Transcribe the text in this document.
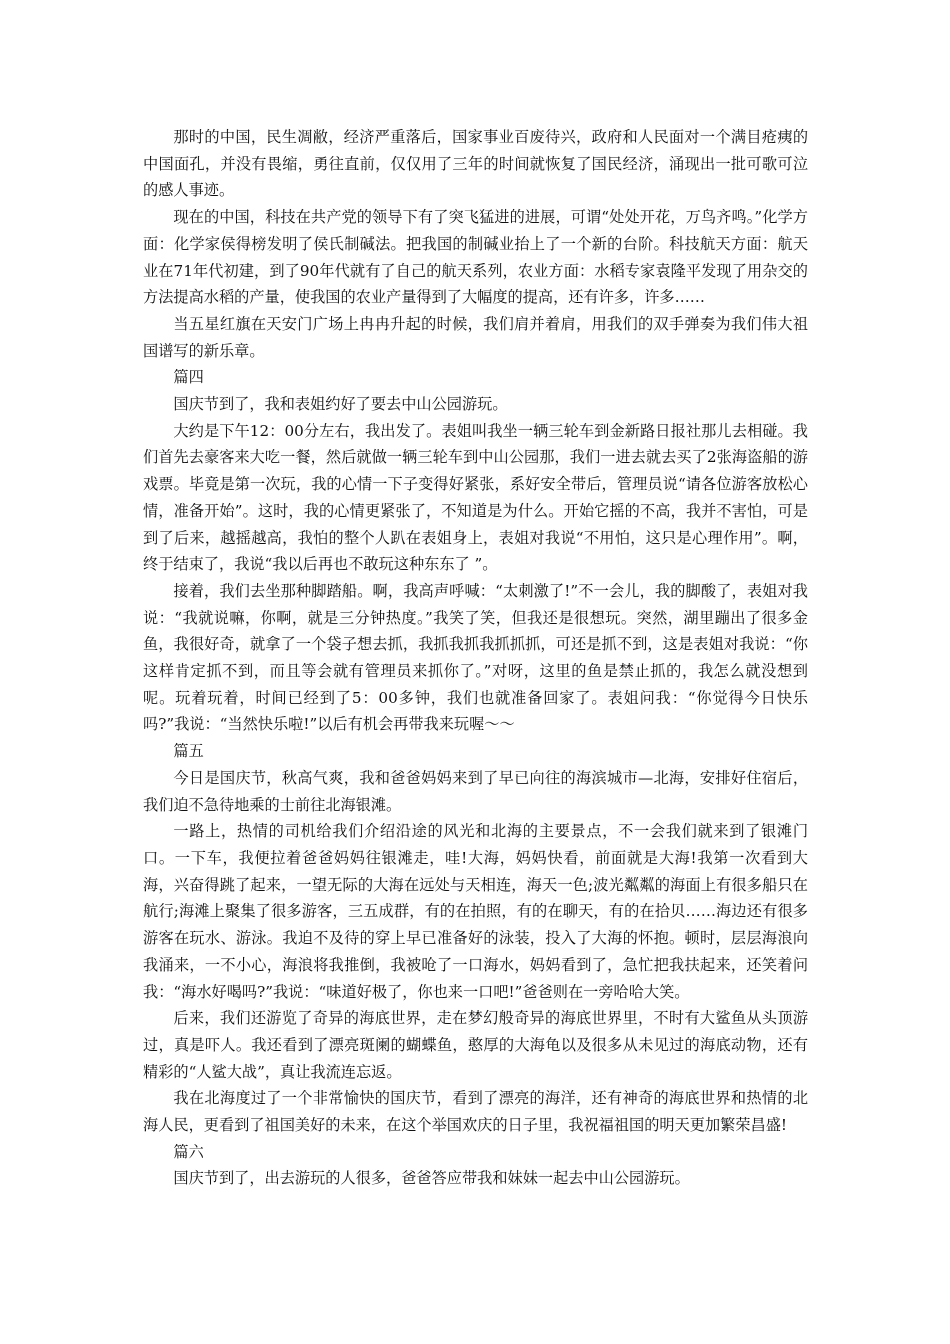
那时的中国，民生凋敝，经济严重落后，国家事业百废待兴，政府和人民面对一个满目疮痍的中国面孔，并没有畏缩，勇往直前，仅仅用了三年的时间就恢复了国民经济，涌现出一批可歌可泣的感人事迹。

现在的中国，科技在共产党的领导下有了突飞猛进的进展，可谓“处处开花，万鸟齐鸣。”化学方面：化学家侯得榜发明了侯氏制碱法。把我国的制碱业抬上了一个新的台阶。科技航天方面：航天业在71年代初建，到了90年代就有了自己的航天系列，农业方面：水稻专家袁隆平发现了用杂交的方法提高水稻的产量，使我国的农业产量得到了大幅度的提高，还有许多，许多……

当五星红旗在天安门广场上冉冉升起的时候，我们肩并着肩，用我们的双手弹奏为我们伟大祖国谱写的新乐章。

篇四

国庆节到了，我和表姐约好了要去中山公园游玩。

大约是下午12：00分左右，我出发了。表姐叫我坐一辆三轮车到金新路日报社那儿去相碰。我们首先去豪客来大吃一餐，然后就做一辆三轮车到中山公园那，我们一进去就去买了2张海盗船的游戏票。毕竟是第一次玩，我的心情一下子变得好紧张，系好安全带后，管理员说“请各位游客放松心情，准备开始”。这时，我的心情更紧张了，不知道是为什么。开始它摇的不高，我并不害怕，可是到了后来，越摇越高，我怕的整个人趴在表姐身上，表姐对我说“不用怕，这只是心理作用”。啊，终于结束了，我说“我以后再也不敢玩这种东东了 ”。

接着，我们去坐那种脚踏船。啊，我高声呼喊：“太刺激了!”不一会儿，我的脚酸了，表姐对我说：“我就说嘛，你啊，就是三分钟热度。”我笑了笑，但我还是很想玩。突然，湖里蹦出了很多金鱼，我很好奇，就拿了一个袋子想去抓，我抓我抓我抓抓抓，可还是抓不到，这是表姐对我说：“你这样肯定抓不到，而且等会就有管理员来抓你了。”对呀，这里的鱼是禁止抓的，我怎么就没想到呢。玩着玩着，时间已经到了5：00多钟，我们也就准备回家了。表姐问我：“你觉得今日快乐吗?”我说：“当然快乐啦!”以后有机会再带我来玩喔～～

篇五

今日是国庆节，秋高气爽，我和爸爸妈妈来到了早已向往的海滨城市—北海，安排好住宿后，我们迫不急待地乘的士前往北海银滩。

一路上，热情的司机给我们介绍沿途的风光和北海的主要景点，不一会我们就来到了银滩门口。一下车，我便拉着爸爸妈妈往银滩走，哇!大海，妈妈快看，前面就是大海!我第一次看到大海，兴奋得跳了起来，一望无际的大海在远处与天相连，海天一色;波光粼粼的海面上有很多船只在航行;海滩上聚集了很多游客，三五成群，有的在拍照，有的在聊天，有的在拾贝……海边还有很多游客在玩水、游泳。我迫不及待的穿上早已准备好的泳装，投入了大海的怀抱。顿时，层层海浪向我涌来，一不小心，海浪将我推倒，我被呛了一口海水，妈妈看到了，急忙把我扶起来，还笑着问我：“海水好喝吗?”我说：“味道好极了，你也来一口吧!”爸爸则在一旁哈哈大笑。

后来，我们还游览了奇异的海底世界，走在梦幻般奇异的海底世界里，不时有大鲨鱼从头顶游过，真是吓人。我还看到了漂亮斑阑的蝴蝶鱼，憨厚的大海龟以及很多从未见过的海底动物，还有精彩的“人鲨大战”，真让我流连忘返。

我在北海度过了一个非常愉快的国庆节，看到了漂亮的海洋，还有神奇的海底世界和热情的北海人民，更看到了祖国美好的未来，在这个举国欢庆的日子里，我祝福祖国的明天更加繁荣昌盛!

篇六

国庆节到了，出去游玩的人很多，爸爸答应带我和妹妹一起去中山公园游玩。
